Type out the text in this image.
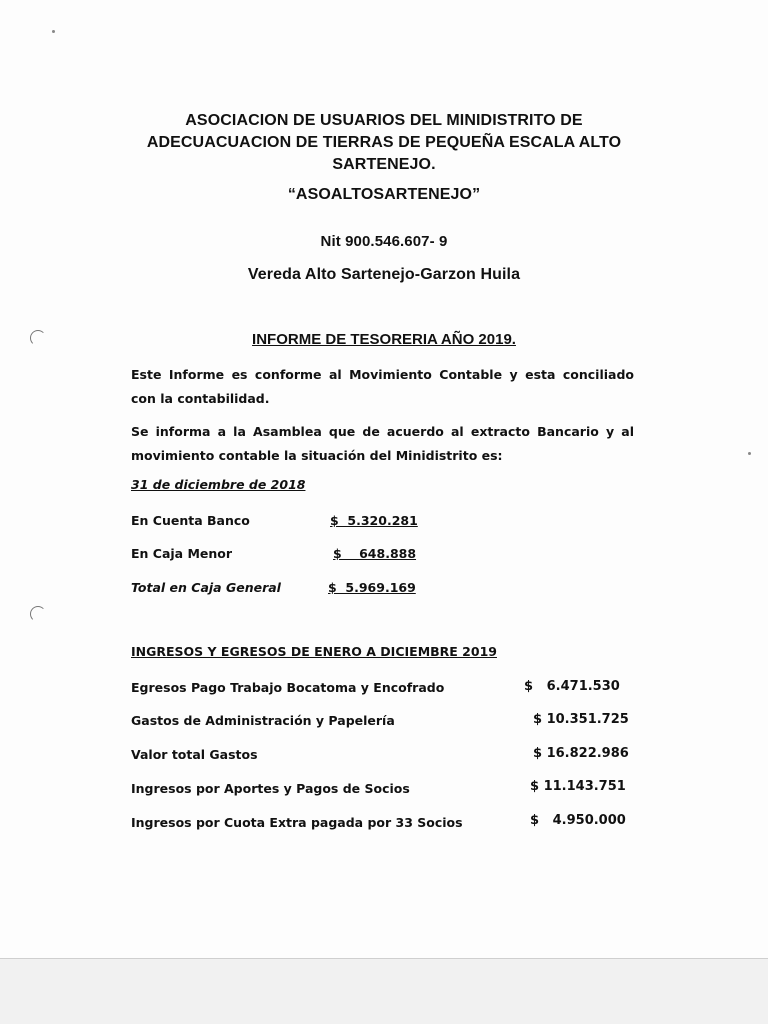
ASOCIACION DE USUARIOS DEL MINIDISTRITO DE
ADECUACUACION DE TIERRAS DE PEQUEÑA ESCALA ALTO
SARTENEJO.
“ASOALTOSARTENEJO”
Nit 900.546.607- 9
Vereda Alto Sartenejo-Garzon Huila
INFORME DE TESORERIA AÑO 2019.
Este Informe es conforme al Movimiento Contable y esta conciliado con la contabilidad.
Se informa a la Asamblea que de acuerdo al extracto Bancario y al movimiento contable la situación del Minidistrito es:
31 de diciembre de 2018
En Cuenta Banco	$  5.320.281
En Caja Menor	$    648.888
Total en Caja General	$  5.969.169
INGRESOS Y EGRESOS DE ENERO A DICIEMBRE 2019
Egresos Pago Trabajo Bocatoma y Encofrado	$   6.471.530
Gastos de Administración y Papelería	$ 10.351.725
Valor total Gastos	$ 16.822.986
Ingresos por Aportes y Pagos de Socios	$ 11.143.751
Ingresos por Cuota Extra pagada por 33 Socios	$   4.950.000
